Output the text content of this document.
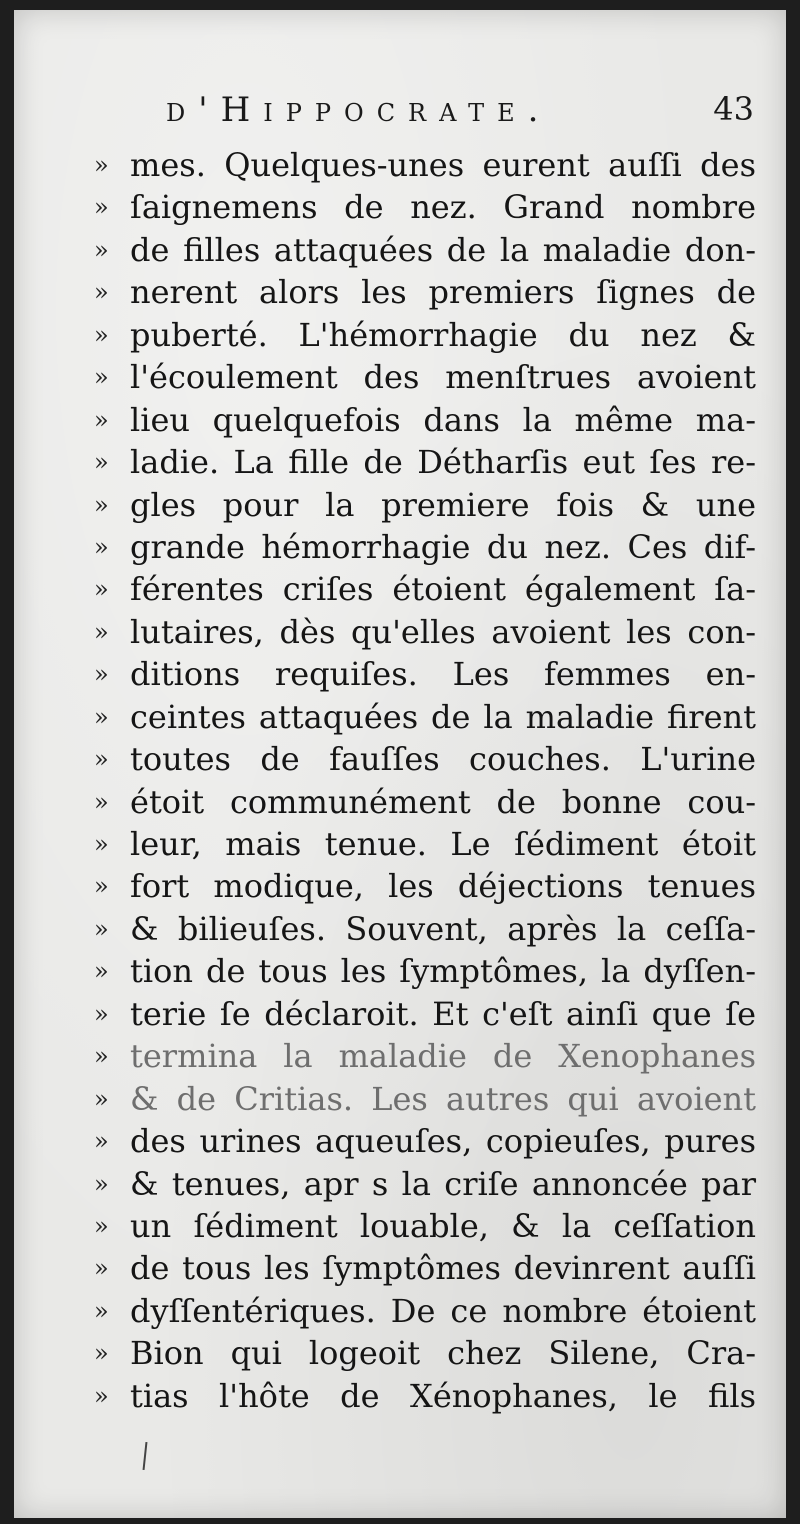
d'Hippocrate.	43
» mes. Quelques-unes eurent auſſi des
» ſaignemens de nez. Grand nombre
» de filles attaquées de la maladie don-
» nerent alors les premiers ſignes de
» puberté. L'hémorrhagie du nez &
» l'écoulement des menſtrues avoient
» lieu quelquefois dans la même ma-
» ladie. La fille de Détharſis eut ſes re-
» gles pour la premiere fois & une
» grande hémorrhagie du nez. Ces dif-
» férentes criſes étoient également ſa-
» lutaires, dès qu'elles avoient les con-
» ditions requiſes. Les femmes en-
» ceintes attaquées de la maladie firent
» toutes de fauſſes couches. L'urine
» étoit communément de bonne cou-
» leur, mais tenue. Le ſédiment étoit
» fort modique, les déjections tenues
» & bilieuſes. Souvent, après la ceſſa-
» tion de tous les ſymptômes, la dyſſen-
» terie ſe déclaroit. Et c'eſt ainſi que ſe
» termina la maladie de Xenophanes
» & de Critias. Les autres qui avoient
» des urines aqueuſes, copieuſes, pures
» & tenues, apr s la criſe annoncée par
» un ſédiment louable, & la ceſſation
» de tous les ſymptômes devinrent auſſi
» dyſſentériques. De ce nombre étoient
» Bion qui logeoit chez Silene, Cra-
» tias l'hôte de Xénophanes, le fils
